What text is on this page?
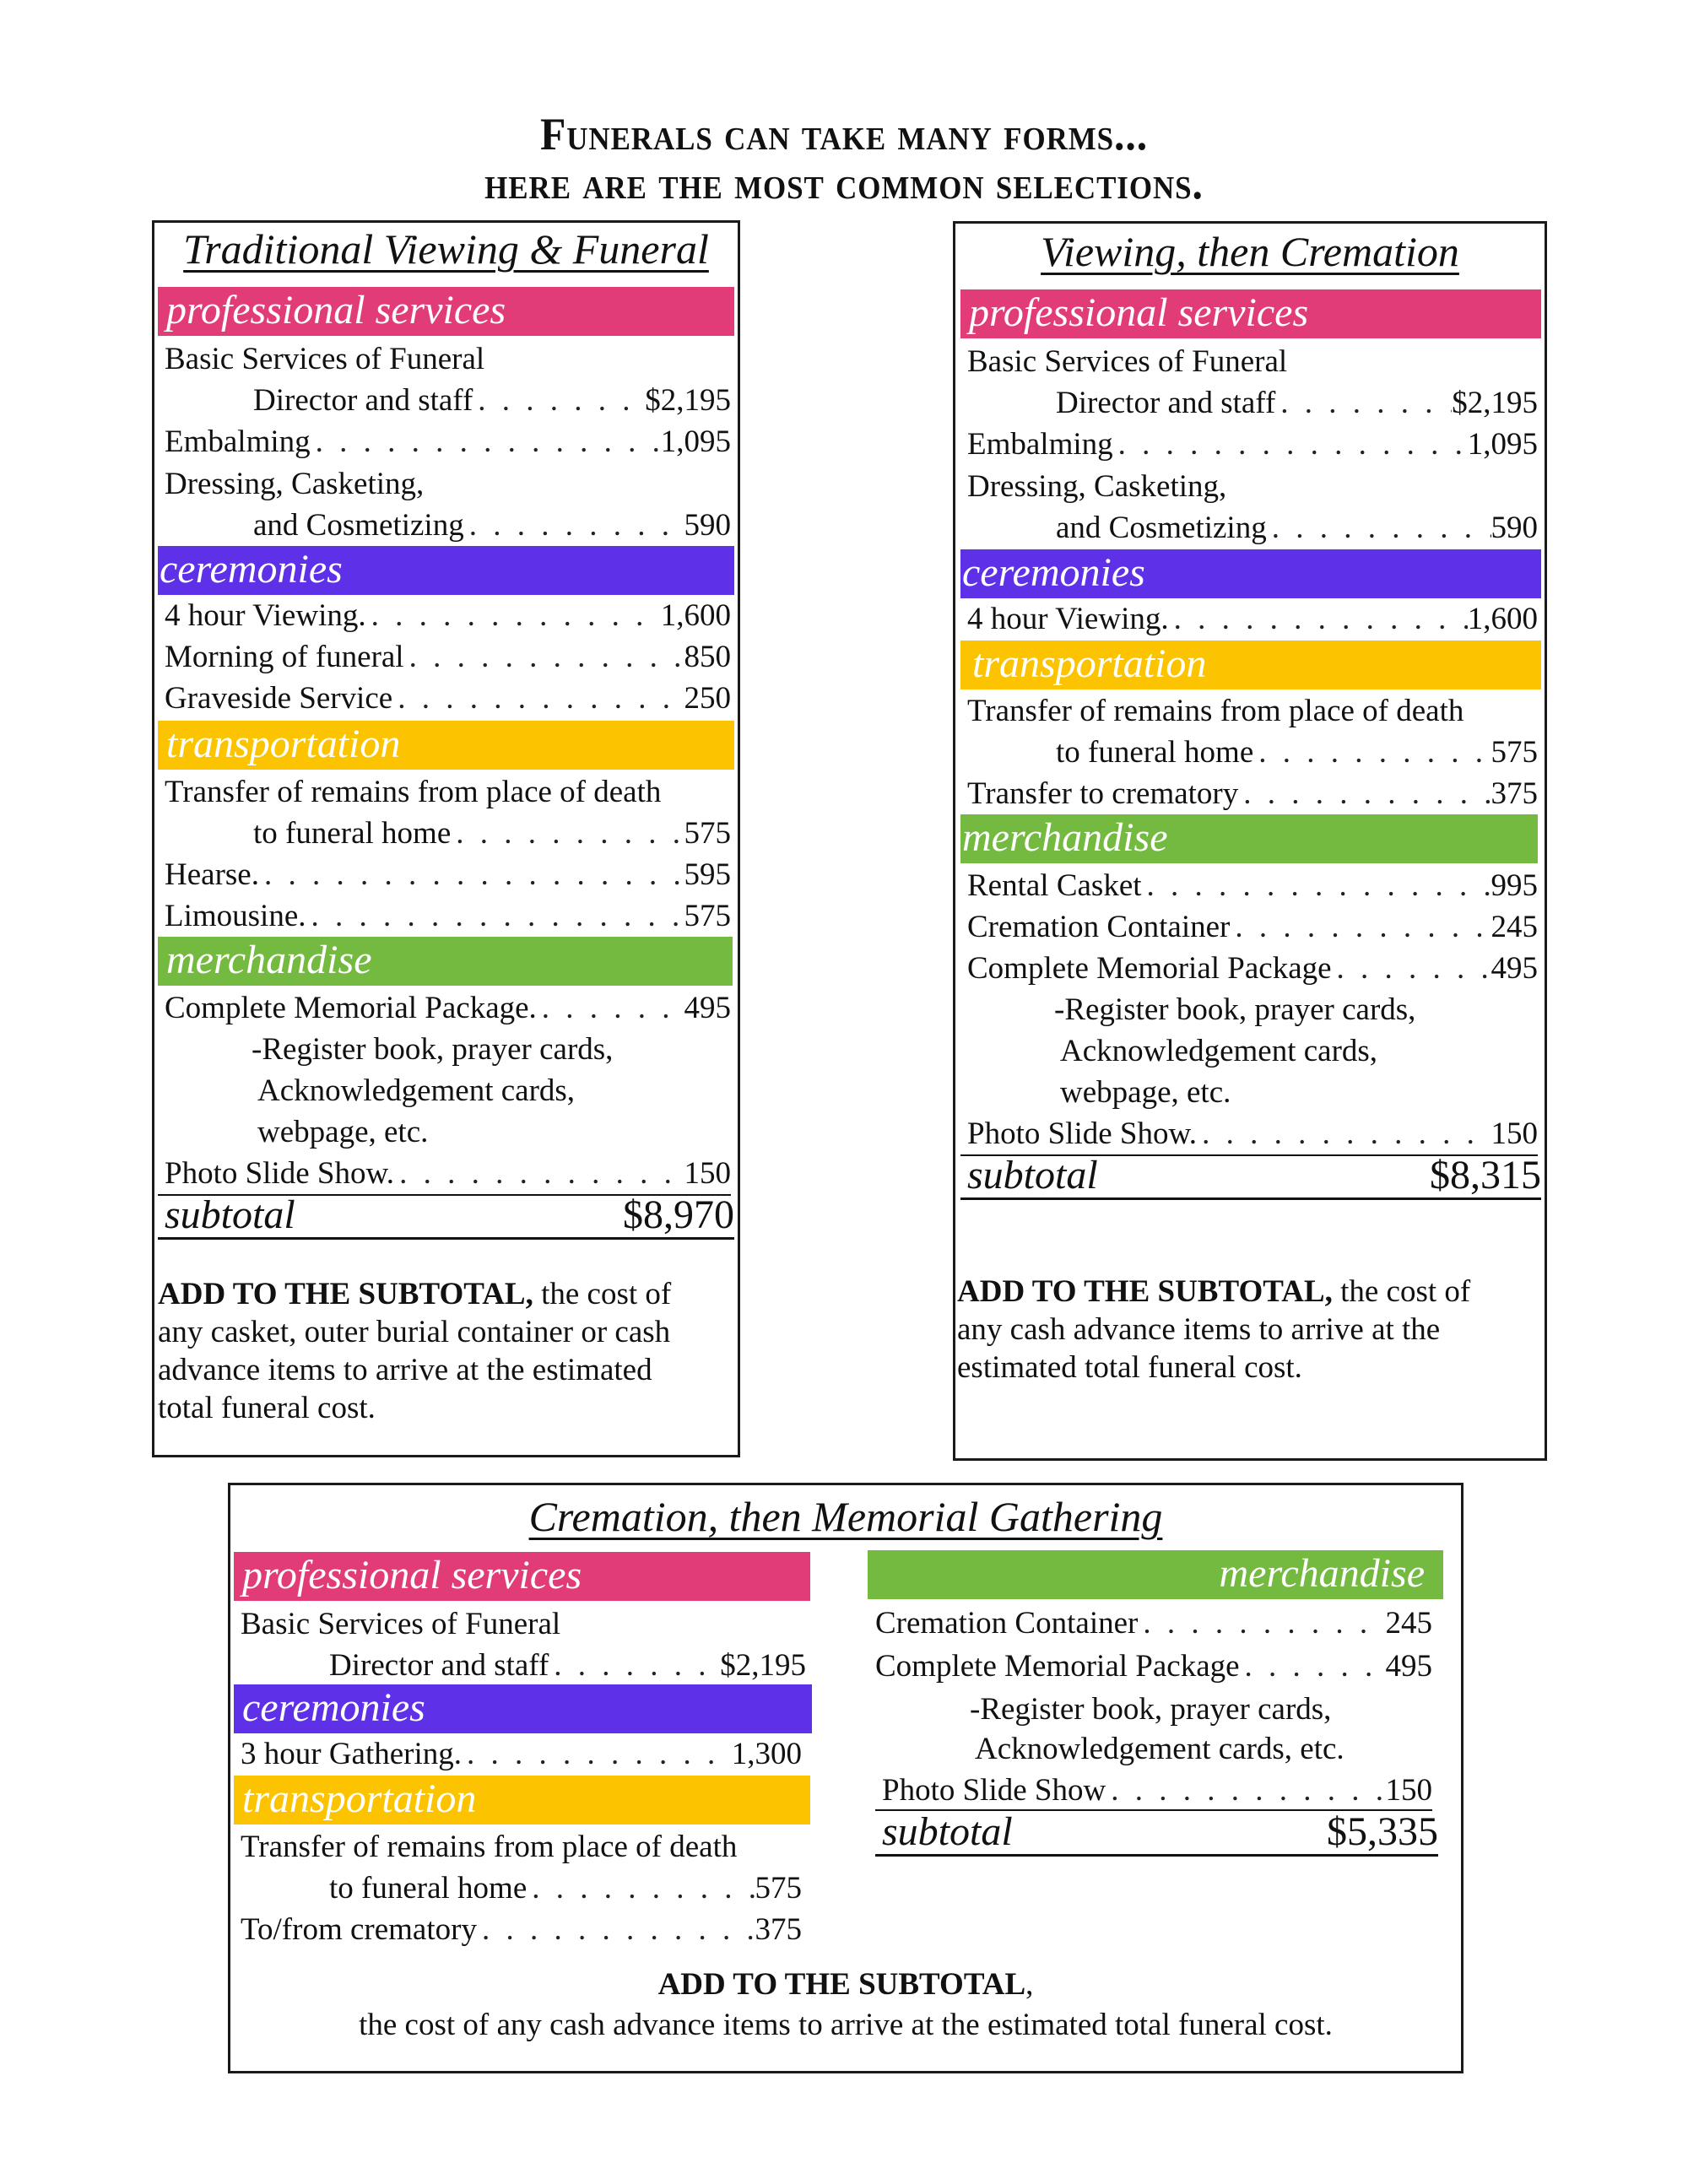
Funerals can take many forms...
here are the most common selections.
Traditional Viewing & Funeral
professional services
Basic Services of Funeral
Director and staff . . .	$2,195
Embalming . . .	1,095
Dressing, Casketing,
and Cosmetizing . . .	590
ceremonies
4 hour Viewing. . . .	1,600
Morning of funeral . . .	850
Graveside Service . . .	250
transportation
Transfer of remains from place of death
to funeral home . . .	575
Hearse. . . .	595
Limousine. . . .	575
merchandise
Complete Memorial Package. . . .	495
-Register book, prayer cards,
Acknowledgement cards,
webpage, etc.
Photo Slide Show. . . .	150
subtotal	$8,970
ADD TO THE SUBTOTAL, the cost of
any casket, outer burial container or cash
advance items to arrive at the estimated
total funeral cost.
Viewing, then Cremation
professional services
Basic Services of Funeral
Director and staff . . .	$2,195
Embalming . . .	1,095
Dressing, Casketing,
and Cosmetizing . . .	590
ceremonies
4 hour Viewing. . . .	1,600
transportation
Transfer of remains from place of death
to funeral home . . .	575
Transfer to crematory . . .	375
merchandise
Rental Casket . . .	995
Cremation Container . . .	245
Complete Memorial Package . . .	495
-Register book, prayer cards,
Acknowledgement cards,
webpage, etc.
Photo Slide Show. . . .	150
subtotal	$8,315
ADD TO THE SUBTOTAL, the cost of
any cash advance items to arrive at the
estimated total funeral cost.
Cremation, then Memorial Gathering
professional services
Basic Services of Funeral
Director and staff . . .	$2,195
ceremonies
3 hour Gathering. . . .	1,300
transportation
Transfer of remains from place of death
to funeral home . . .	575
To/from crematory . . .	375
merchandise
Cremation Container . . .	245
Complete Memorial Package . . .	495
-Register book, prayer cards,
Acknowledgement cards, etc.
Photo Slide Show . . .	150
subtotal	$5,335
ADD TO THE SUBTOTAL,
the cost of any cash advance items to arrive at the estimated total funeral cost.
